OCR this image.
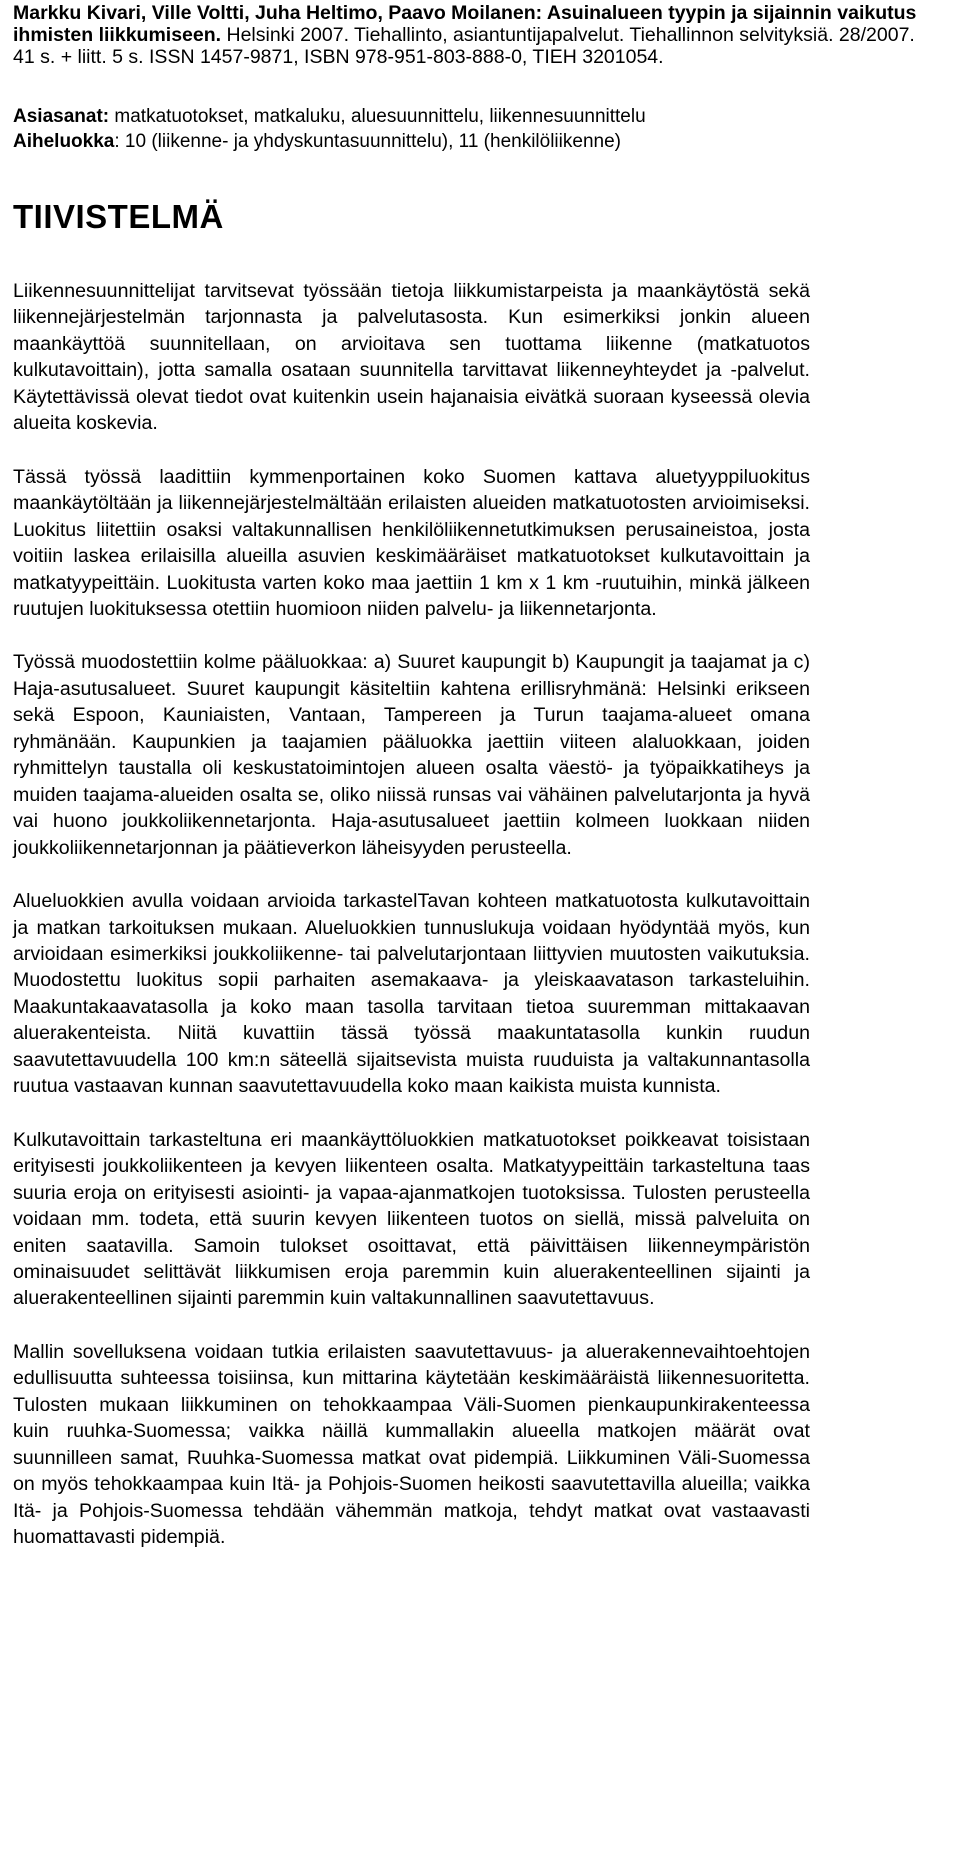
Markku Kivari, Ville Voltti, Juha Heltimo, Paavo Moilanen: Asuinalueen tyypin ja sijainnin vaikutus ihmisten liikkumiseen. Helsinki 2007. Tiehallinto, asiantuntijapalvelut. Tiehallinnon selvityksiä. 28/2007. 41 s. + liitt. 5 s. ISSN 1457-9871, ISBN 978-951-803-888-0, TIEH 3201054.
Asiasanat: matkatuotokset, matkaluku, aluesuunnittelu, liikennesuunnittelu
Aiheluokka: 10 (liikenne- ja yhdyskuntasuunnittelu), 11 (henkilöliikenne)
TIIVISTELMÄ

Liikennesuunnittelijat tarvitsevat työssään tietoja liikkumistarpeista ja maankäytöstä sekä liikennejärjestelmän tarjonnasta ja palvelutasosta. Kun esimerkiksi jonkin alueen maankäyttöä suunnitellaan, on arvioitava sen tuottama liikenne (matkatuotos kulkutavoittain), jotta samalla osataan suunnitella tarvittavat liikenneyhteydet ja -palvelut. Käytettävissä olevat tiedot ovat kuitenkin usein hajanaisia eivätkä suoraan kyseessä olevia alueita koskevia.

Tässä työssä laadittiin kymmenportainen koko Suomen kattava aluetyyppiluokitus maankäytöltään ja liikennejärjestelmältään erilaisten alueiden matkatuotosten arvioimiseksi. Luokitus liitettiin osaksi valtakunnallisen henkilöliikennetutkimuksen perusaineistoa, josta voitiin laskea erilaisilla alueilla asuvien keskimääräiset matkatuotokset kulkutavoittain ja matkatyypeittäin. Luokitusta varten koko maa jaettiin 1 km x 1 km -ruutuihin, minkä jälkeen ruutujen luokituksessa otettiin huomioon niiden palvelu- ja liikennetarjonta.

Työssä muodostettiin kolme pääluokkaa: a) Suuret kaupungit b) Kaupungit ja taajamat ja c) Haja-asutusalueet. Suuret kaupungit käsiteltiin kahtena erillisryhmänä: Helsinki erikseen sekä Espoon, Kauniaisten, Vantaan, Tampereen ja Turun taajama-alueet omana ryhmänään. Kaupunkien ja taajamien pääluokka jaettiin viiteen alaluokkaan, joiden ryhmittelyn taustalla oli keskustatoimintojen alueen osalta väestö- ja työpaikkatiheys ja muiden taajama-alueiden osalta se, oliko niissä runsas vai vähäinen palvelutarjonta ja hyvä vai huono joukkoliikennetarjonta. Haja-asutusalueet jaettiin kolmeen luokkaan niiden joukkoliikennetarjonnan ja päätieverkon läheisyyden perusteella.

Alueluokkien avulla voidaan arvioida tarkastelTavan kohteen matkatuotosta kulkutavoittain ja matkan tarkoituksen mukaan. Alueluokkien tunnuslukuja voidaan hyödyntää myös, kun arvioidaan esimerkiksi joukkoliikenne- tai palvelutarjontaan liittyvien muutosten vaikutuksia. Muodostettu luokitus sopii parhaiten asemakaava- ja yleiskaavatason tarkasteluihin. Maakuntakaavatasolla ja koko maan tasolla tarvitaan tietoa suuremman mittakaavan aluerakenteista. Niitä kuvattiin tässä työssä maakuntatasolla kunkin ruudun saavutettavuudella 100 km:n säteellä sijaitsevista muista ruuduista ja valtakunnantasolla ruutua vastaavan kunnan saavutettavuudella koko maan kaikista muista kunnista.

Kulkutavoittain tarkasteltuna eri maankäyttöluokkien matkatuotokset poikkeavat toisistaan erityisesti joukkoliikenteen ja kevyen liikenteen osalta. Matkatyypeittäin tarkasteltuna taas suuria eroja on erityisesti asiointi- ja vapaa-ajanmatkojen tuotoksissa. Tulosten perusteella voidaan mm. todeta, että suurin kevyen liikenteen tuotos on siellä, missä palveluita on eniten saatavilla. Samoin tulokset osoittavat, että päivittäisen liikenneympäristön ominaisuudet selittävät liikkumisen eroja paremmin kuin aluerakenteellinen sijainti ja aluerakenteellinen sijainti paremmin kuin valtakunnallinen saavutettavuus.

Mallin sovelluksena voidaan tutkia erilaisten saavutettavuus- ja aluerakennevaihtoehtojen edullisuutta suhteessa toisiinsa, kun mittarina käytetään keskimääräistä liikennesuoritetta. Tulosten mukaan liikkuminen on tehokkaampaa Väli-Suomen pienkaupunkirakenteessa kuin ruuhka-Suomessa; vaikka näillä kummallakin alueella matkojen määrät ovat suunnilleen samat, Ruuhka-Suomessa matkat ovat pidempiä. Liikkuminen Väli-Suomessa on myös tehokkaampaa kuin Itä- ja Pohjois-Suomen heikosti saavutettavilla alueilla; vaikka Itä- ja Pohjois-Suomessa tehdään vähemmän matkoja, tehdyt matkat ovat vastaavasti huomattavasti pidempiä.
